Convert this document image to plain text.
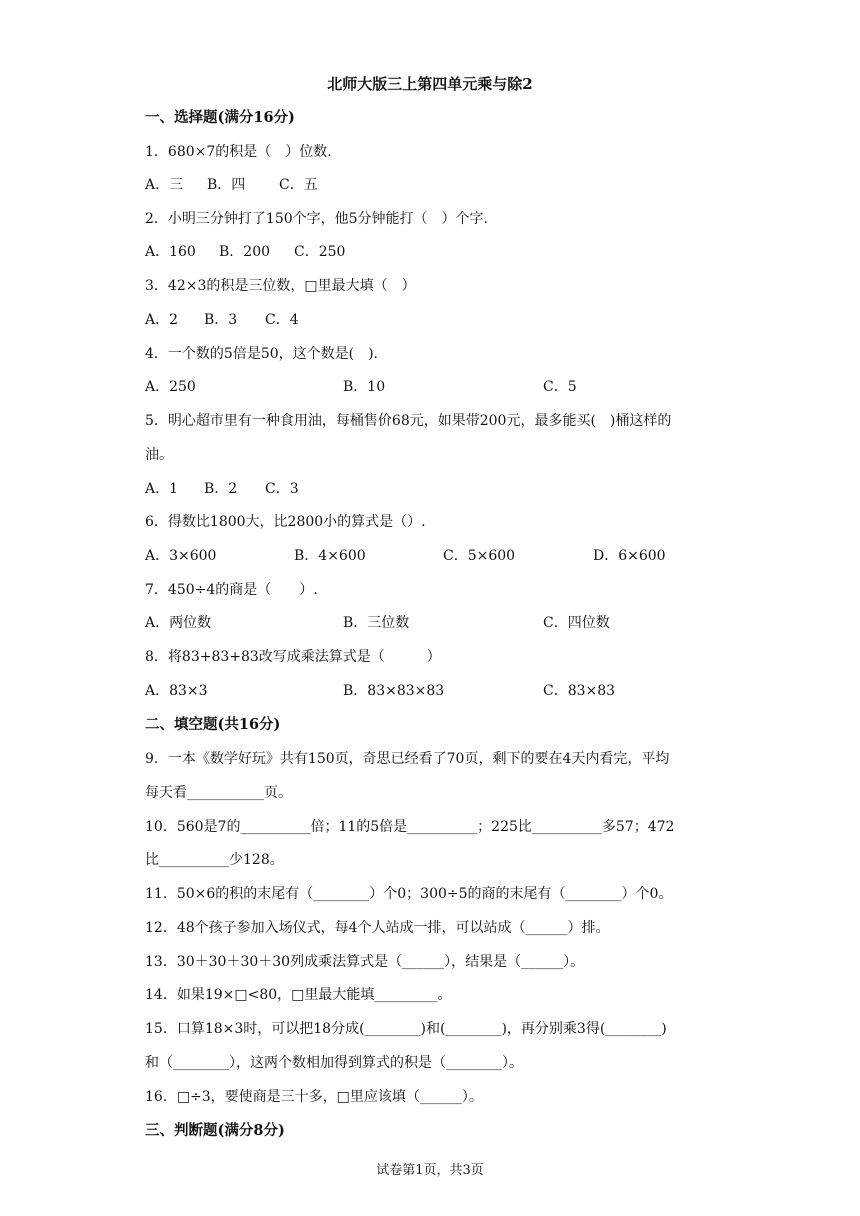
北师大版三上第四单元乘与除2
一、选择题(满分16分)
1．680×7的积是（　）位数.
A．三 B．四 C．五
2．小明三分钟打了150个字，他5分钟能打（　）个字.
A．160 B．200 C．250
3．42×3的积是三位数，□里最大填（　）
A．2 B．3 C．4
4．一个数的5倍是50，这个数是(　).
A．250	B．10	C．5
5．明心超市里有一种食用油，每桶售价68元，如果带200元，最多能买(　)桶这样的
油。
A．1 B．2 C．3
6．得数比1800大，比2800小的算式是（）.
A．3×600	B．4×600	C．5×600	D．6×600
7．450÷4的商是（　　）.
A．两位数	B．三位数	C．四位数
8．将83+83+83改写成乘法算式是（　　　）
A．83×3	B．83×83×83	C．83×83
二、填空题(共16分)
9．一本《数学好玩》共有150页，奇思已经看了70页，剩下的要在4天内看完，平均
每天看___________页。
10．560是7的__________倍；11的5倍是__________；225比__________多57；472
比__________少128。
11．50×6的积的末尾有（________）个0；300÷5的商的末尾有（________）个0。
12．48个孩子参加入场仪式，每4个人站成一排，可以站成（______）排。
13．30＋30＋30＋30列成乘法算式是（______），结果是（______）。
14．如果19×□<80，□里最大能填_________。
15．口算18×3时，可以把18分成(________)和(________)，再分别乘3得(________)
和（________），这两个数相加得到算式的积是（________）。
16．□÷3，要使商是三十多，□里应该填（______）。
三、判断题(满分8分)
试卷第1页，共3页
